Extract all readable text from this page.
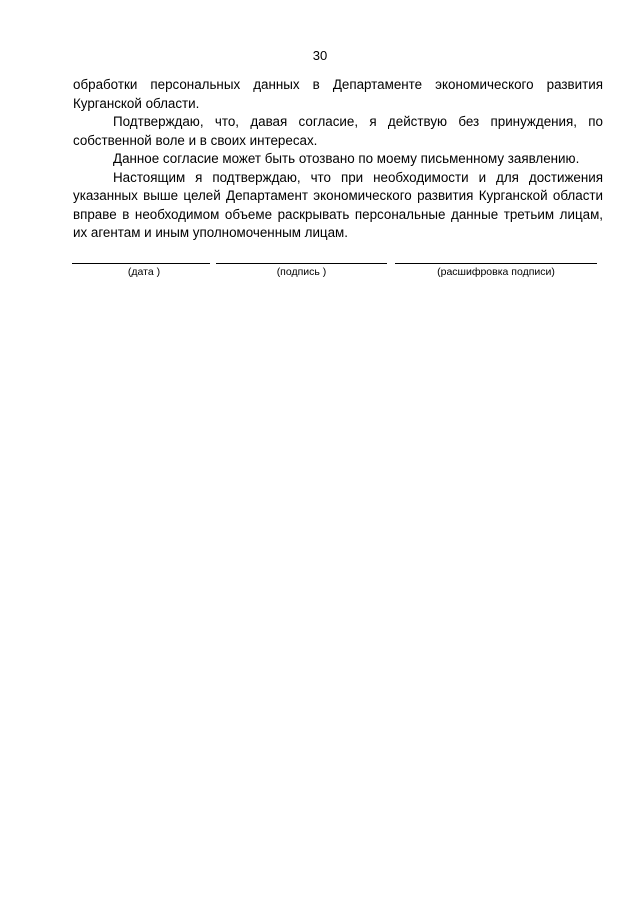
30

обработки персональных данных в Департаменте экономического развития Курганской области.

Подтверждаю, что, давая согласие, я действую без принуждения, по собственной воле и в своих интересах.

Данное согласие может быть отозвано по моему письменному заявлению.

Настоящим я подтверждаю, что при необходимости и для достижения указанных выше целей Департамент экономического развития Курганской области вправе в необходимом объеме раскрывать персональные данные третьим лицам, их агентам и иным уполномоченным лицам.

(дата )	(подпись )	(расшифровка подписи)
